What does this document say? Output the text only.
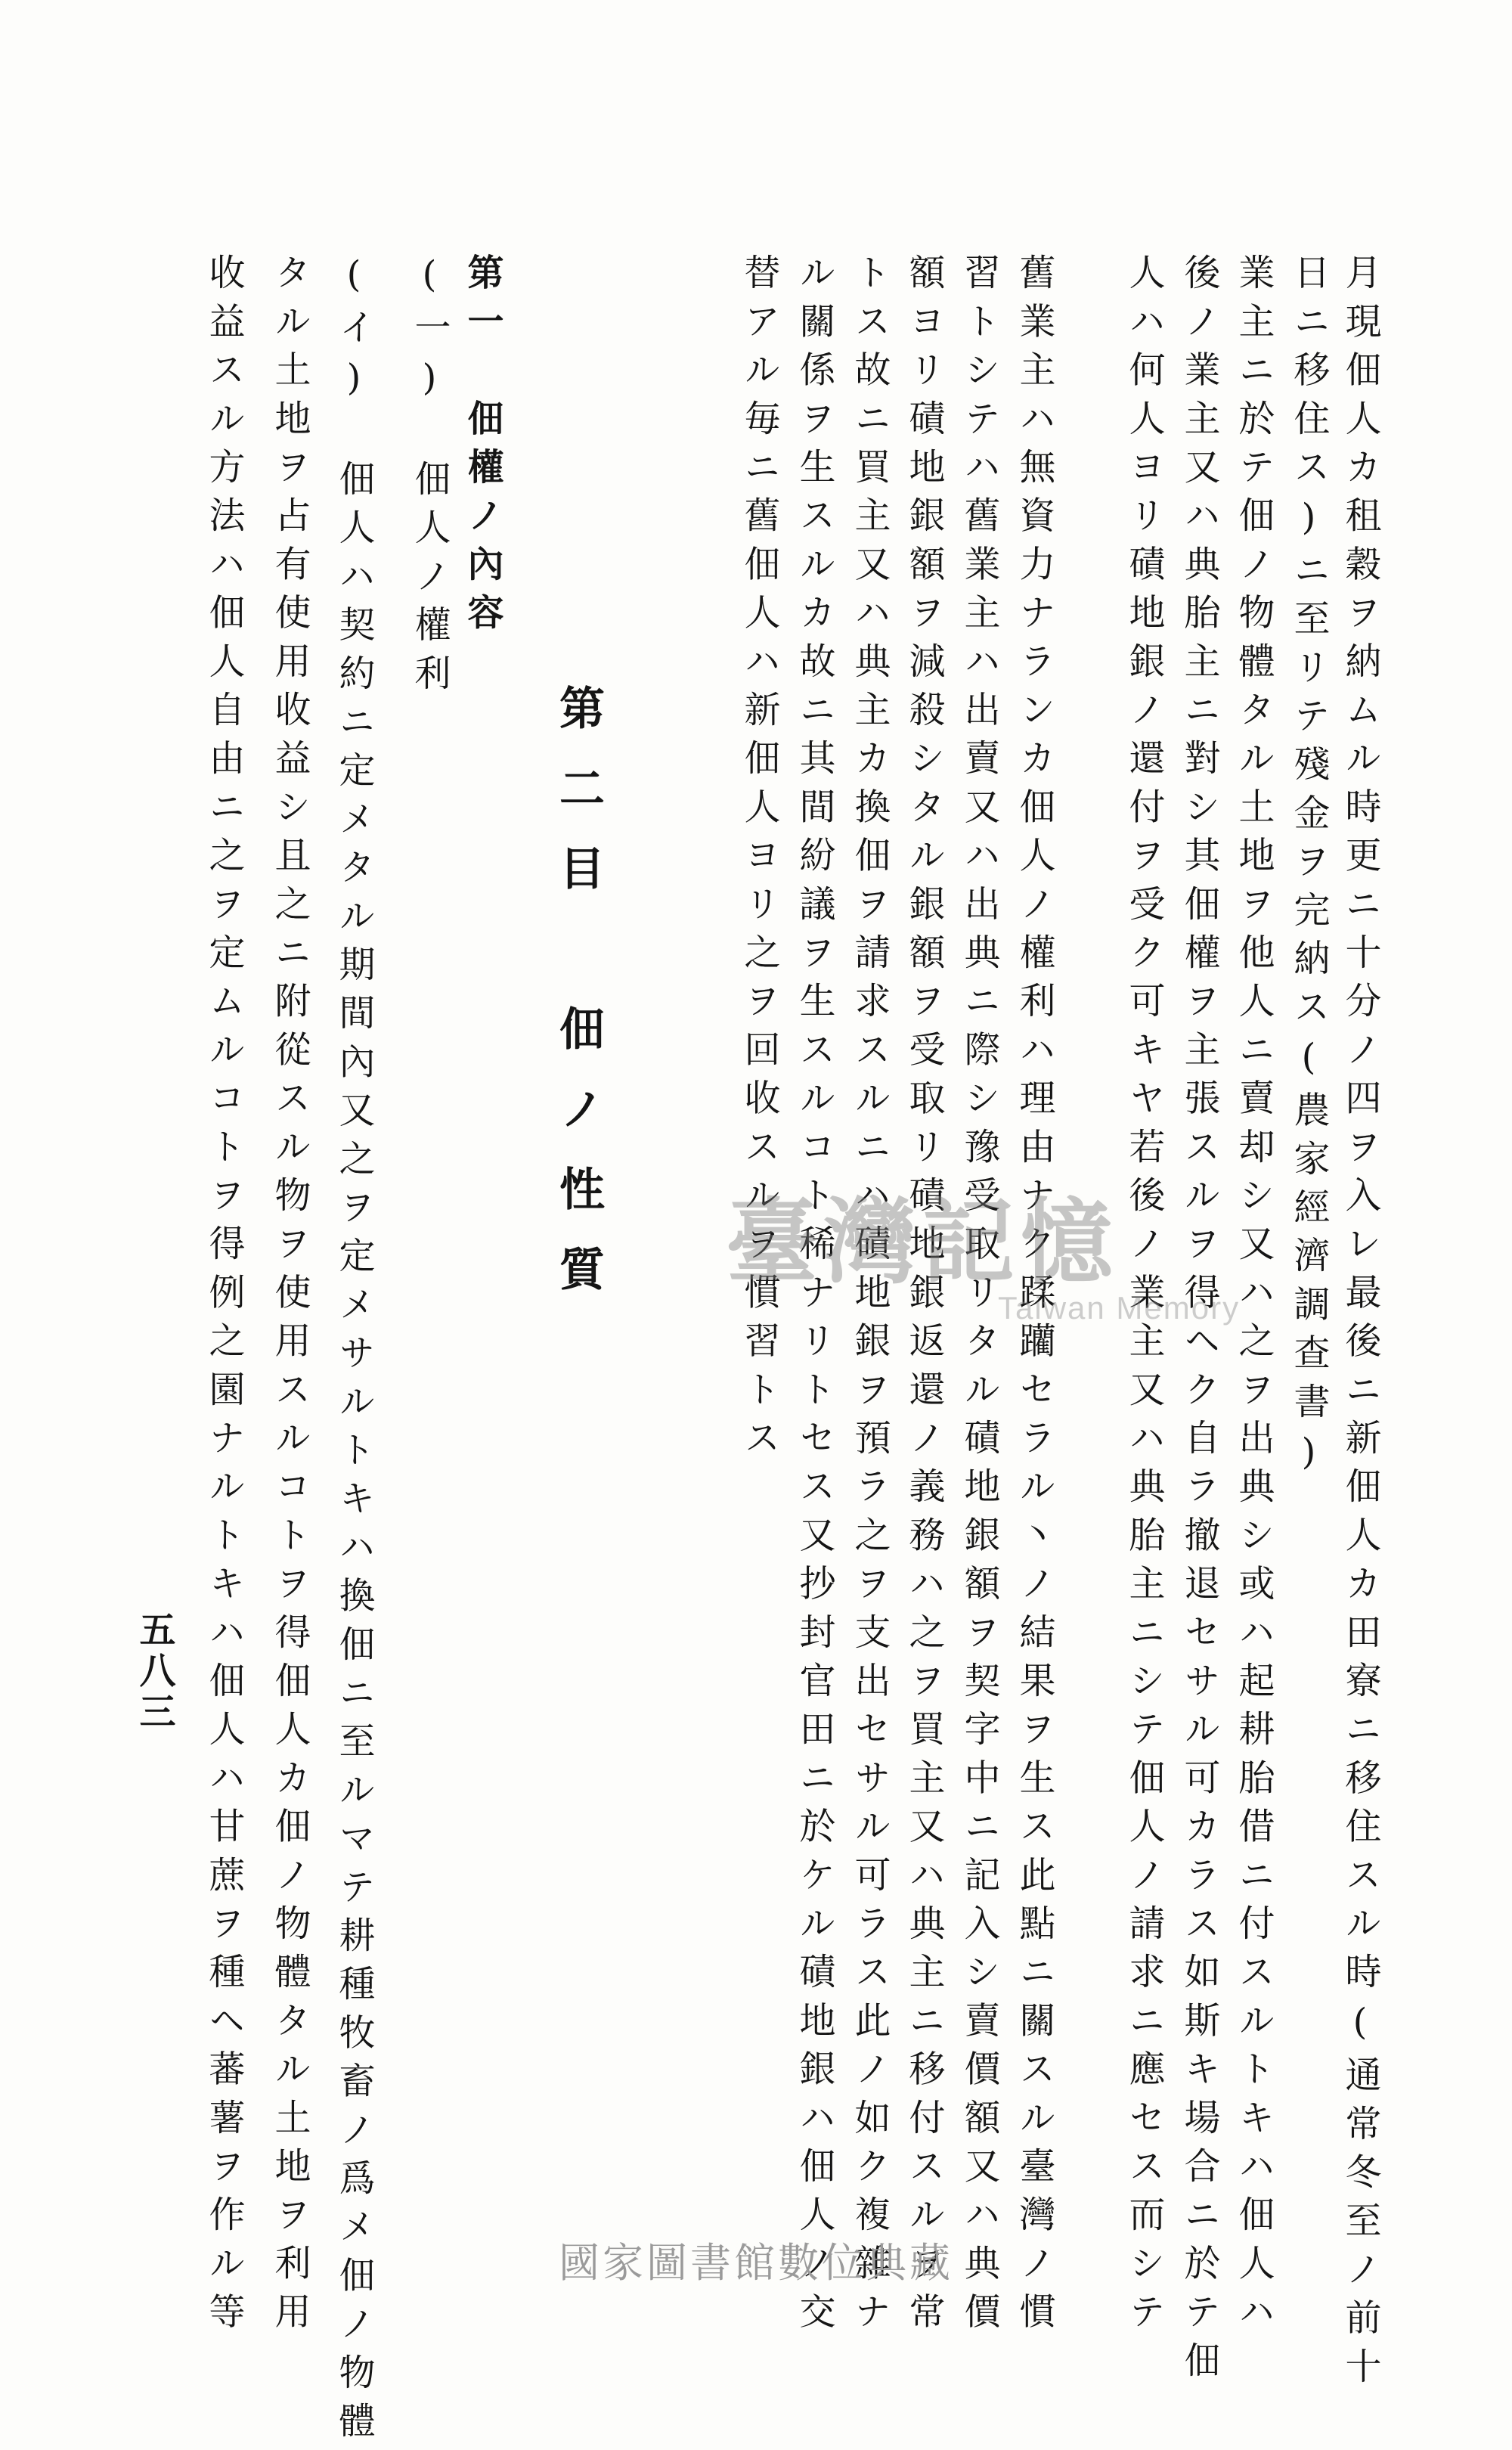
月現佃人カ租穀ヲ納ムル時更ニ十分ノ四ヲ入レ最後ニ新佃人カ田寮ニ移住スル時(通常冬至ノ前十
日ニ移住ス)ニ至リテ殘金ヲ完納ス(農家經濟調查書)
業主ニ於テ佃ノ物體タル土地ヲ他人ニ賣却シ又ハ之ヲ出典シ或ハ起耕胎借ニ付スルトキハ佃人ハ
後ノ業主又ハ典胎主ニ對シ其佃權ヲ主張スルヲ得ヘク自ラ撤退セサル可カラス如斯キ場合ニ於テ佃
人ハ何人ヨリ磧地銀ノ還付ヲ受ク可キヤ若後ノ業主又ハ典胎主ニシテ佃人ノ請求ニ應セス而シテ
舊業主ハ無資力ナランカ佃人ノ權利ハ理由ナク蹂躪セラル丶ノ結果ヲ生ス此點ニ關スル臺灣ノ慣
習トシテハ舊業主ハ出賣又ハ出典ニ際シ豫受取リタル磧地銀額ヲ契字中ニ記入シ賣價額又ハ典價
額ヨリ磧地銀額ヲ減殺シタル銀額ヲ受取リ磧地銀返還ノ義務ハ之ヲ買主又ハ典主ニ移付スルヲ常
トス故ニ買主又ハ典主カ換佃ヲ請求スルニハ磧地銀ヲ預ラ之ヲ支出セサル可ラス此ノ如ク複雜ナ
ル關係ヲ生スルカ故ニ其間紛議ヲ生スルコト稀ナリトセス又抄封官田ニ於ケル磧地銀ハ佃人ノ交
替アル毎ニ舊佃人ハ新佃人ヨリ之ヲ回收スルヲ慣習トス
第二目　佃ノ性質
第一　佃權ノ內容
(一)　佃人ノ權利
(イ)　佃人ハ契約ニ定メタル期間內又之ヲ定メサルトキハ換佃ニ至ルマテ耕種牧畜ノ爲メ佃ノ物體
タル土地ヲ占有使用收益シ且之ニ附從スル物ヲ使用スルコトヲ得佃人カ佃ノ物體タル土地ヲ利用
收益スル方法ハ佃人自由ニ之ヲ定ムルコトヲ得例之園ナルトキハ佃人ハ甘蔗ヲ種ヘ蕃薯ヲ作ル等
五八三
臺灣記憶
Taiwan Memory
國家圖書館數位典藏
